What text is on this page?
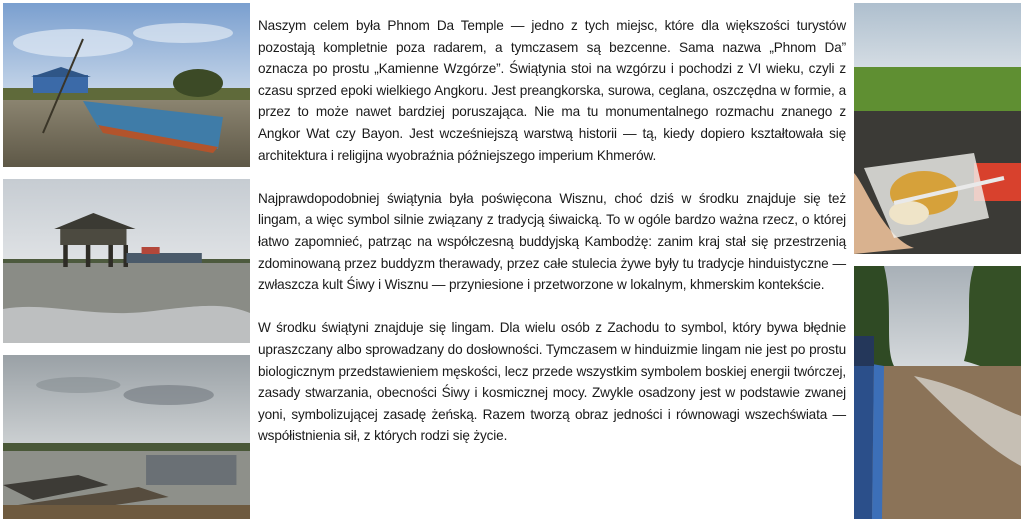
Naszym celem była Phnom Da Temple — jedno z tych miejsc, które dla większości turystów pozostają kompletnie poza radarem, a tymczasem są bezcenne. Sama nazwa „Phnom Da” oznacza po prostu „Kamienne Wzgórze”. Świątynia stoi na wzgórzu i pochodzi z VI wieku, czyli z czasu sprzed epoki wielkiego Angkoru. Jest preangkorska, surowa, ceglana, oszczędna w formie, a przez to może nawet bardziej poruszająca. Nie ma tu monumentalnego rozmachu znanego z Angkor Wat czy Bayon. Jest wcześniejszą warstwą historii — tą, kiedy dopiero kształtowała się architektura i religijna wyobraźnia późniejszego imperium Khmerów.

Najprawdopodobniej świątynia była poświęcona Wisznu, choć dziś w środku znajduje się też lingam, a więc symbol silnie związany z tradycją śiwaicką. To w ogóle bardzo ważna rzecz, o której łatwo zapomnieć, patrząc na współczesną buddyjską Kambodżę: zanim kraj stał się przestrzenią zdominowaną przez buddyzm therawady, przez całe stulecia żywe były tu tradycje hinduistyczne — zwłaszcza kult Śiwy i Wisznu — przyniesione i przetworzone w lokalnym, khmerskim kontekście.

W środku świątyni znajduje się lingam. Dla wielu osób z Zachodu to symbol, który bywa błędnie upraszczany albo sprowadzany do dosłowności. Tymczasem w hinduizmie lingam nie jest po prostu biologicznym przedstawieniem męskości, lecz przede wszystkim symbolem boskiej energii twórczej, zasady stwarzania, obecności Śiwy i kosmicznej mocy. Zwykle osadzony jest w podstawie zwanej yoni, symbolizującej zasadę żeńską. Razem tworzą obraz jedności i równowagi wszechświata — współistnienia sił, z których rodzi się życie.
